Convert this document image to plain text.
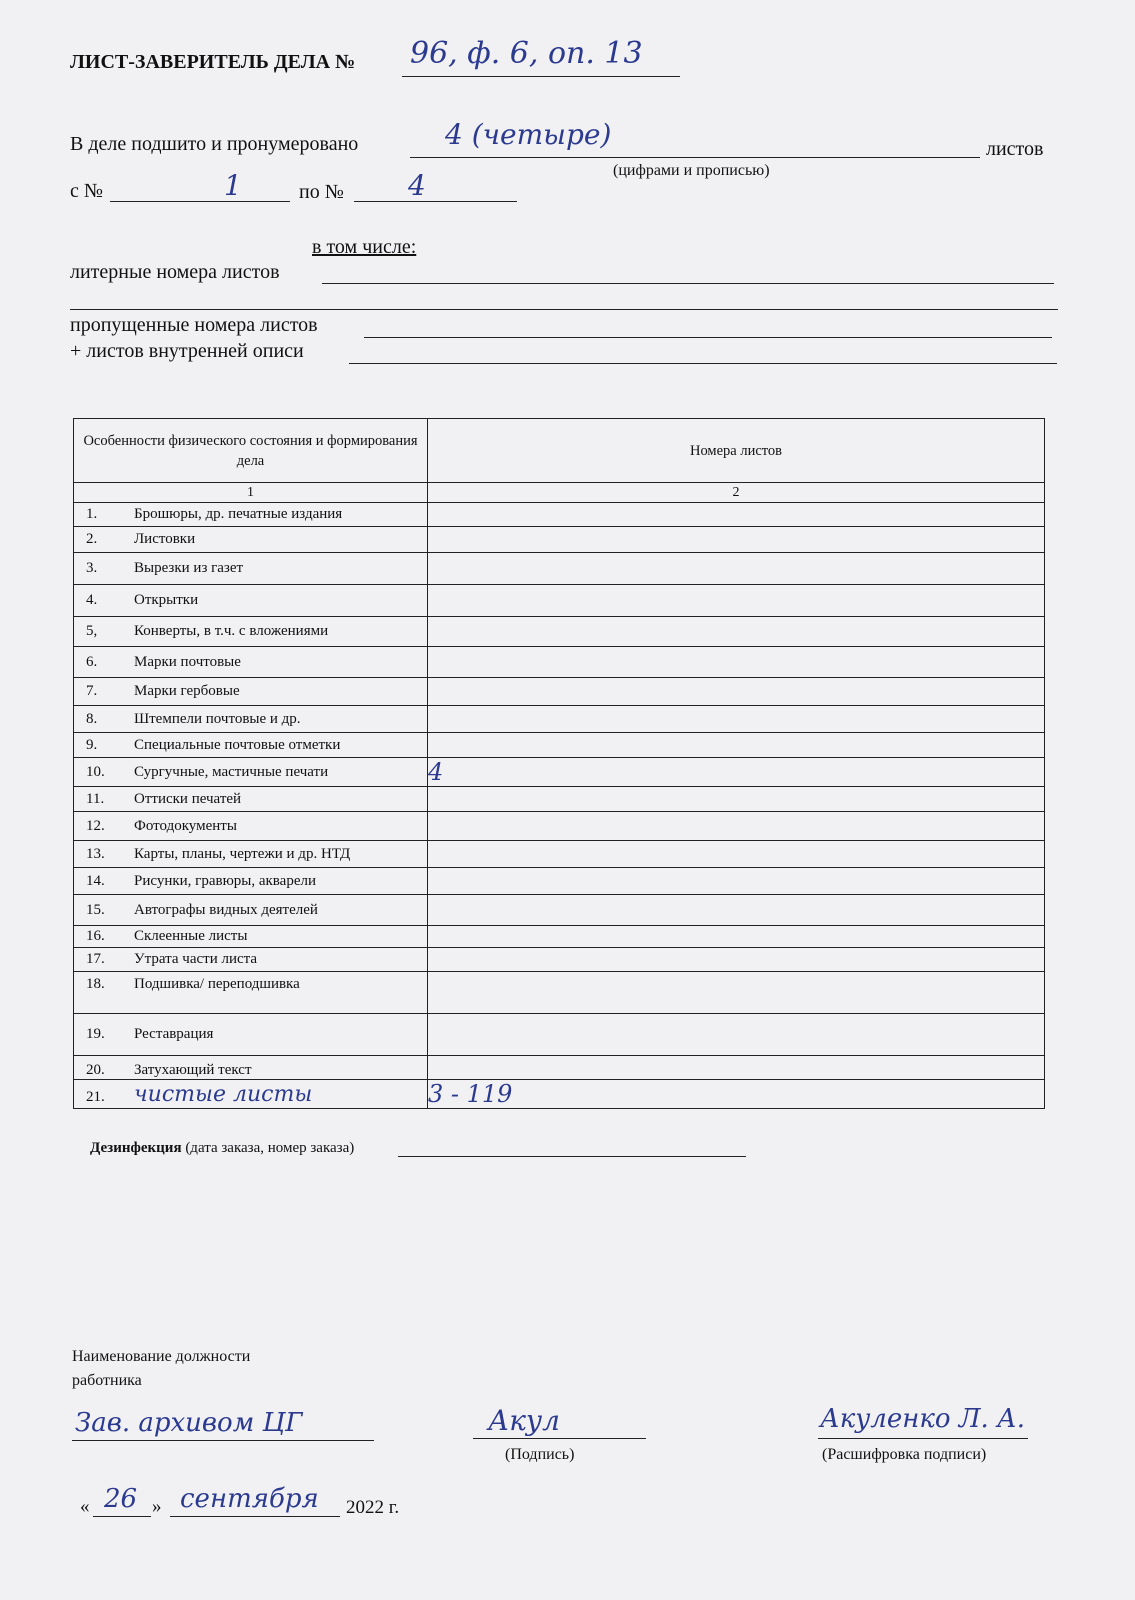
ЛИСТ-ЗАВЕРИТЕЛЬ ДЕЛА № 96, ф. 6, оп. 13
В деле подшито и пронумеровано	4 (четыре)	листов
(цифрами и прописью)
с №	1	по № 4
в том числе:
литерные номера листов
пропущенные номера листов
+ листов внутренней описи
Особенности физического состояния и формирования дела	Номера листов
1	2
1. Брошюры, др. печатные издания	
2. Листовки	
3. Вырезки из газет	
4. Открытки	
5, Конверты, в т.ч. с вложениями	
6. Марки почтовые	
7. Марки гербовые	
8. Штемпели почтовые и др.	
9. Специальные почтовые отметки	
10. Сургучные, мастичные печати	4
11. Оттиски печатей	
12. Фотодокументы	
13. Карты, планы, чертежи и др. НТД	
14. Рисунки, гравюры, акварели	
15. Автографы видных деятелей	
16. Склеенные листы	
17. Утрата части листа	
18. Подшивка/ переподшивка	
19. Реставрация	
20. Затухающий текст	
21. чистые листы	3 - 119
Дезинфекция (дата заказа, номер заказа)
Наименование должности
работника
Зав. архивом ЦГ	Акул
(Подпись)
Акуленко Л. А.
(Расшифровка подписи)
« 26 » сентября 2022 г.
